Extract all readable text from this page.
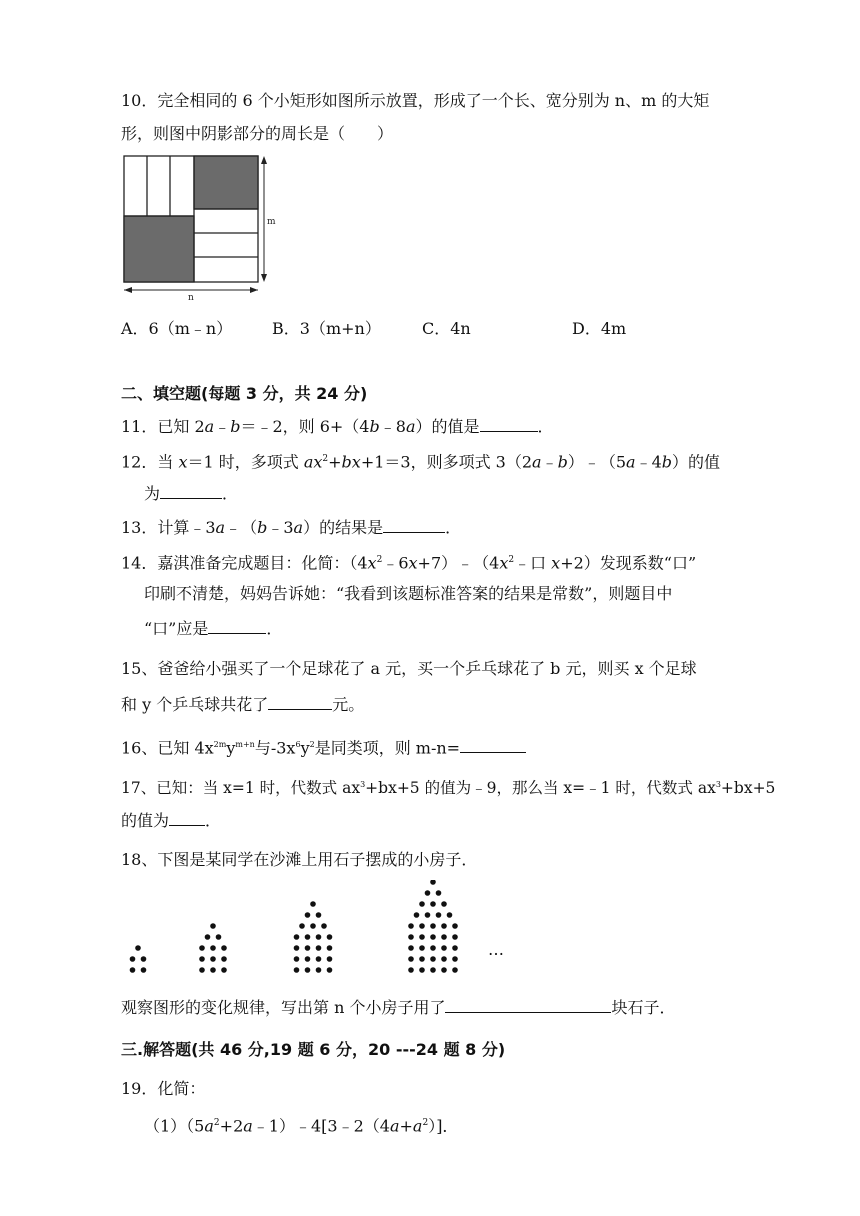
10．完全相同的 6 个小矩形如图所示放置，形成了一个长、宽分别为 n、m 的大矩
形，则图中阴影部分的周长是（　　）
m
n
A．6（m﹣n） B．3（m+n）	C．4n	D．4m
二、填空题(每题 3 分，共 24 分)
11．已知 2a﹣b＝﹣2，则 6+（4b﹣8a）的值是	．
12．当 x＝1 时，多项式 $ax^2+bx+1=3$，则多项式 3（2a﹣b）﹣（5a﹣4b）的值
为	．
13．计算﹣3a﹣（b﹣3a）的结果是	．
14．嘉淇准备完成题目：化简：$(4x^2﹣6x+7)﹣(4x^2﹣$口 x+2）发现系数“口”
印刷不清楚，妈妈告诉她：“我看到该题标准答案的结果是常数”，则题目中
“口”应是	．
15、爸爸给小强买了一个足球花了 a 元，买一个乒乓球花了 b 元，则买 x 个足球
和 y 个乒乓球共花了	元。
16、已知 $4x^{2m}y^{m+n}$与$-3x^6y^2$是同类项，则 m-n=
17、已知：当 x=1 时，代数式 $ax^3+bx+5$ 的值为﹣9，那么当 x=﹣1 时，代数式 $ax^3+bx+5$
的值为 ．
18、下图是某同学在沙滩上用石子摆成的小房子．
…
观察图形的变化规律，写出第 n 个小房子用了	块石子．
三.解答题(共 46 分,19 题 6 分，20 ---24 题 8 分)
19．化简：
$(1)(5a^2+2a﹣1)﹣4[3﹣2(4a+a^2)]$．
